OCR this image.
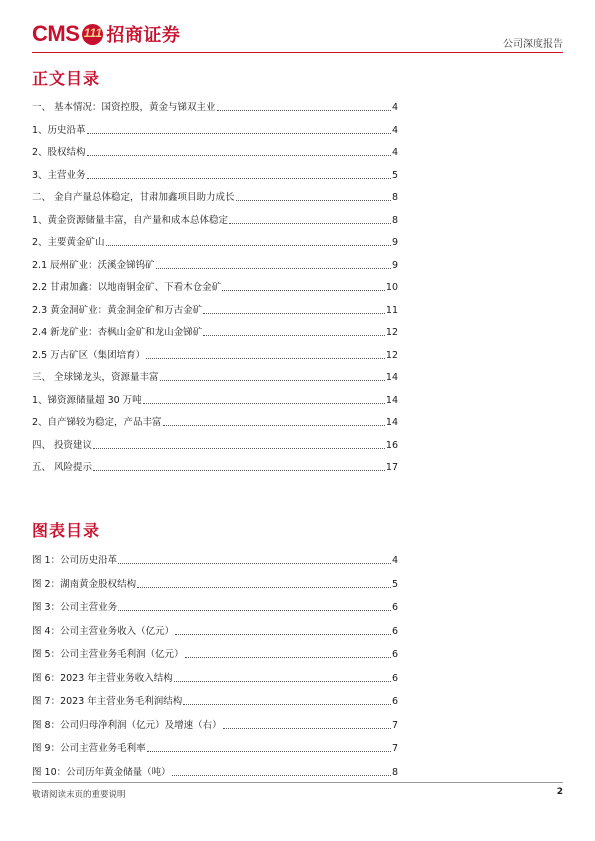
CMS 111 招商证券	公司深度报告
正文目录
一、 基本情况：国资控股，黄金与锑双主业	4
1、历史沿革	4
2、股权结构	4
3、主营业务	5
二、 金自产量总体稳定，甘肃加鑫项目助力成长	8
1、黄金资源储量丰富，自产量和成本总体稳定	8
2、主要黄金矿山	9
2.1 辰州矿业：沃溪金锑钨矿	9
2.2 甘肃加鑫：以地南铜金矿、下看木仓金矿	10
2.3 黄金洞矿业：黄金洞金矿和万古金矿	11
2.4 新龙矿业：杏枫山金矿和龙山金锑矿	12
2.5 万古矿区（集团培育）	12
三、 全球锑龙头，资源量丰富	14
1、锑资源储量超 30 万吨	14
2、自产锑较为稳定，产品丰富	14
四、 投资建议	16
五、 风险提示	17
图表目录
图 1：公司历史沿革	4
图 2：湖南黄金股权结构	5
图 3：公司主营业务	6
图 4：公司主营业务收入（亿元）	6
图 5：公司主营业务毛利润（亿元）	6
图 6：2023 年主营业务收入结构	6
图 7：2023 年主营业务毛利润结构	6
图 8：公司归母净利润（亿元）及增速（右）	7
图 9：公司主营业务毛利率	7
图 10：公司历年黄金储量（吨）	8
敬请阅读末页的重要说明	2
